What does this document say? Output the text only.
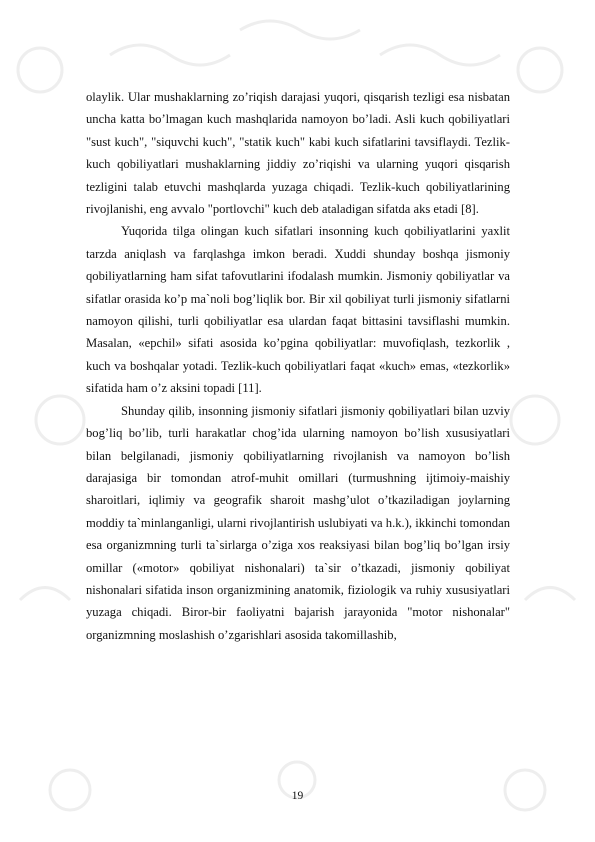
olaylik. Ular mushaklarning zo’riqish darajasi yuqori, qisqarish tezligi esa nisbatan uncha katta bo’lmagan kuch mashqlarida namoyon bo’ladi. Asli kuch qobiliyatlari "sust kuch", "siquvchi kuch", "statik kuch" kabi kuch sifatlarini tavsiflaydi. Tezlik-kuch qobiliyatlari mushaklarning jiddiy zo’riqishi va ularning yuqori qisqarish tezligini talab etuvchi mashqlarda yuzaga chiqadi. Tezlik-kuch qobiliyatlarining rivojlanishi, eng avvalo "portlovchi" kuch deb ataladigan sifatda aks etadi [8].

Yuqorida tilga olingan kuch sifatlari insonning kuch qobiliyatlarini yaxlit tarzda aniqlash va farqlashga imkon beradi. Xuddi shunday boshqa jismoniy qobiliyatlarning ham sifat tafovutlarini ifodalash mumkin. Jismoniy qobiliyatlar va sifatlar orasida ko’p ma`noli bog’liqlik bor. Bir xil qobiliyat turli jismoniy sifatlarni namoyon qilishi, turli qobiliyatlar esa ulardan faqat bittasini tavsiflashi mumkin. Masalan, «epchil» sifati asosida ko’pgina qobiliyatlar: muvofiqlash, tezkorlik , kuch va boshqalar yotadi. Tezlik-kuch qobiliyatlari faqat «kuch» emas, «tezkorlik» sifatida ham o’z aksini topadi [11].

Shunday qilib, insonning jismoniy sifatlari jismoniy qobiliyatlari bilan uzviy bog’liq bo’lib, turli harakatlar chog’ida ularning namoyon bo’lish xususiyatlari bilan belgilanadi, jismoniy qobiliyatlarning rivojlanish va namoyon bo’lish darajasiga bir tomondan atrof-muhit omillari (turmushning ijtimoiy-maishiy sharoitlari, iqlimiy va geografik sharoit mashg’ulot o’tkaziladigan joylarning moddiy ta`minlanganligi, ularni rivojlantirish uslubiyati va h.k.), ikkinchi tomondan esa organizmning turli ta`sirlarga o’ziga xos reaksiyasi bilan bog’liq bo’lgan irsiy omillar («motor» qobiliyat nishonalari) ta`sir o’tkazadi, jismoniy qobiliyat nishonalari sifatida inson organizmining anatomik, fiziologik va ruhiy xususiyatlari yuzaga chiqadi. Biror-bir faoliyatni bajarish jarayonida "motor nishonalar" organizmning moslashish o’zgarishlari asosida takomillashib,

19
